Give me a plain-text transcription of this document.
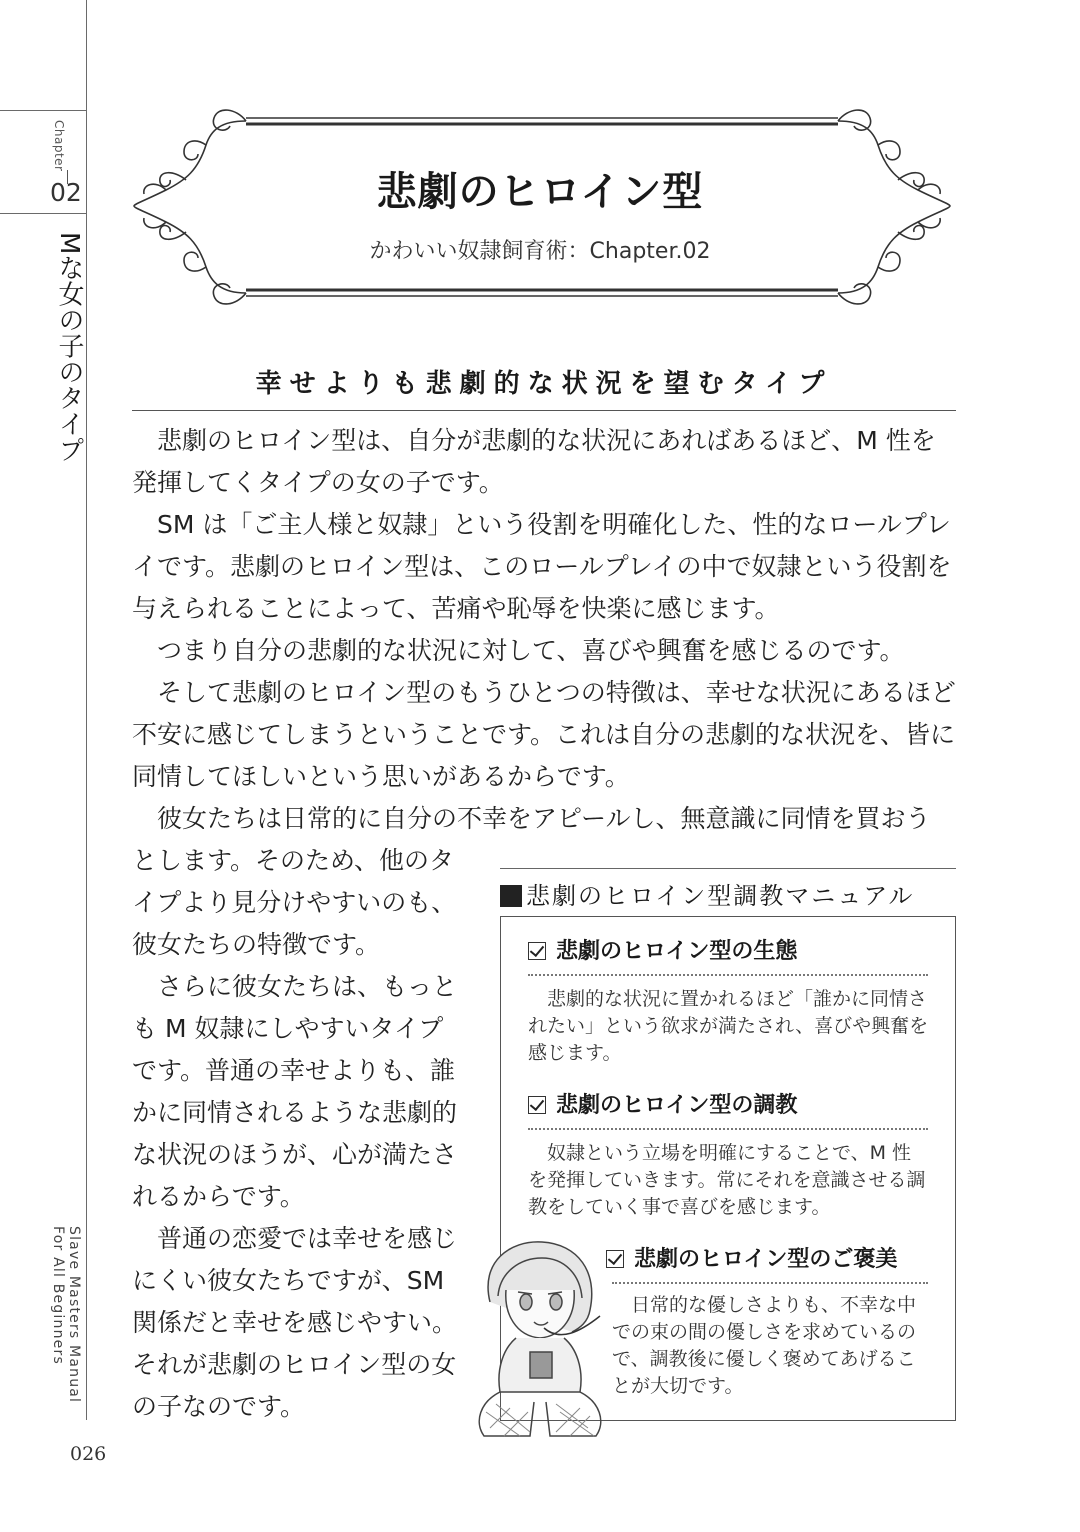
Chapter
02
Mな女の子のタイプ
Slave Masters Manual
For All Beginners
026
悲劇のヒロイン型
かわいい奴隷飼育術：Chapter.02
幸せよりも悲劇的な状況を望むタイプ

悲劇のヒロイン型は、自分が悲劇的な状況にあればあるほど、M 性を発揮してくタイプの女の子です。

SM は「ご主人様と奴隷」という役割を明確化した、性的なロールプレイです。悲劇のヒロイン型は、このロールプレイの中で奴隷という役割を与えられることによって、苦痛や恥辱を快楽に感じます。

つまり自分の悲劇的な状況に対して、喜びや興奮を感じるのです。

そして悲劇のヒロイン型のもうひとつの特徴は、幸せな状況にあるほど不安に感じてしまうということです。これは自分の悲劇的な状況を、皆に同情してほしいという思いがあるからです。

彼女たちは日常的に自分の不幸をアピールし、無意識に同情を買おう

とします。そのため、他のタイプより見分けやすいのも、彼女たちの特徴です。

さらに彼女たちは、もっとも M 奴隷にしやすいタイプです。普通の幸せよりも、誰かに同情されるような悲劇的な状況のほうが、心が満たされるからです。

普通の恋愛では幸せを感じにくい彼女たちですが、SM 関係だと幸せを感じやすい。それが悲劇のヒロイン型の女の子なのです。

悲劇のヒロイン型調教マニュアル
悲劇のヒロイン型の生態

悲劇的な状況に置かれるほど「誰かに同情されたい」という欲求が満たされ、喜びや興奮を感じます。

悲劇のヒロイン型の調教

奴隷という立場を明確にすることで、M 性を発揮していきます。常にそれを意識させる調教をしていく事で喜びを感じます。

悲劇のヒロイン型のご褒美

日常的な優しさよりも、不幸な中での束の間の優しさを求めているので、調教後に優しく褒めてあげることが大切です。
